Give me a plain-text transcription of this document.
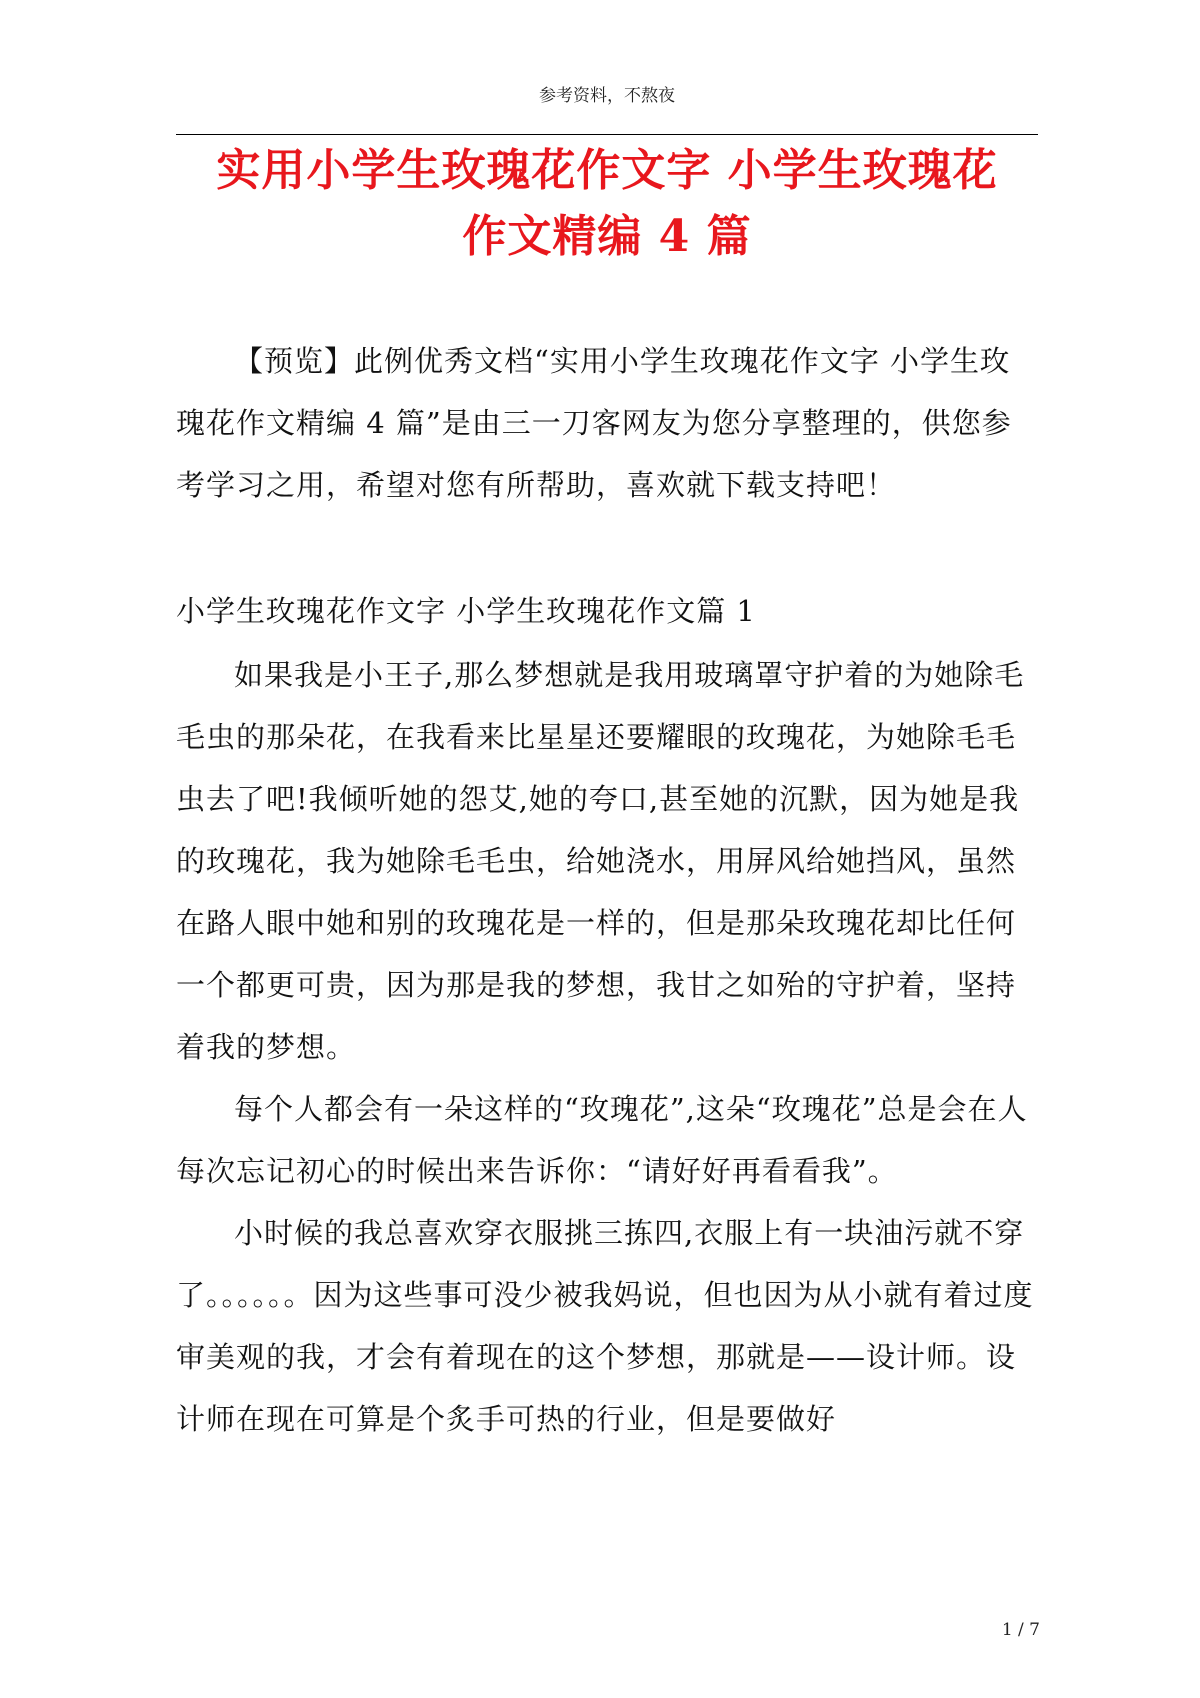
参考资料，不熬夜
实用小学生玫瑰花作文字 小学生玫瑰花
作文精编 4 篇

【预览】此例优秀文档“实用小学生玫瑰花作文字 小学生玫瑰花作文精编 4 篇”是由三一刀客网友为您分享整理的，供您参考学习之用，希望对您有所帮助，喜欢就下载支持吧！

小学生玫瑰花作文字 小学生玫瑰花作文篇 1

如果我是小王子,那么梦想就是我用玻璃罩守护着的为她除毛毛虫的那朵花，在我看来比星星还要耀眼的玫瑰花，为她除毛毛虫去了吧!我倾听她的怨艾,她的夸口,甚至她的沉默，因为她是我的玫瑰花，我为她除毛毛虫，给她浇水，用屏风给她挡风，虽然在路人眼中她和别的玫瑰花是一样的，但是那朵玫瑰花却比任何一个都更可贵，因为那是我的梦想，我甘之如殆的守护着，坚持着我的梦想。

每个人都会有一朵这样的“玫瑰花”,这朵“玫瑰花”总是会在人每次忘记初心的时候出来告诉你：“请好好再看看我”。

小时候的我总喜欢穿衣服挑三拣四,衣服上有一块油污就不穿了。。。。。。因为这些事可没少被我妈说，但也因为从小就有着过度审美观的我，才会有着现在的这个梦想，那就是——设计师。设计师在现在可算是个炙手可热的行业，但是要做好

1 / 7
